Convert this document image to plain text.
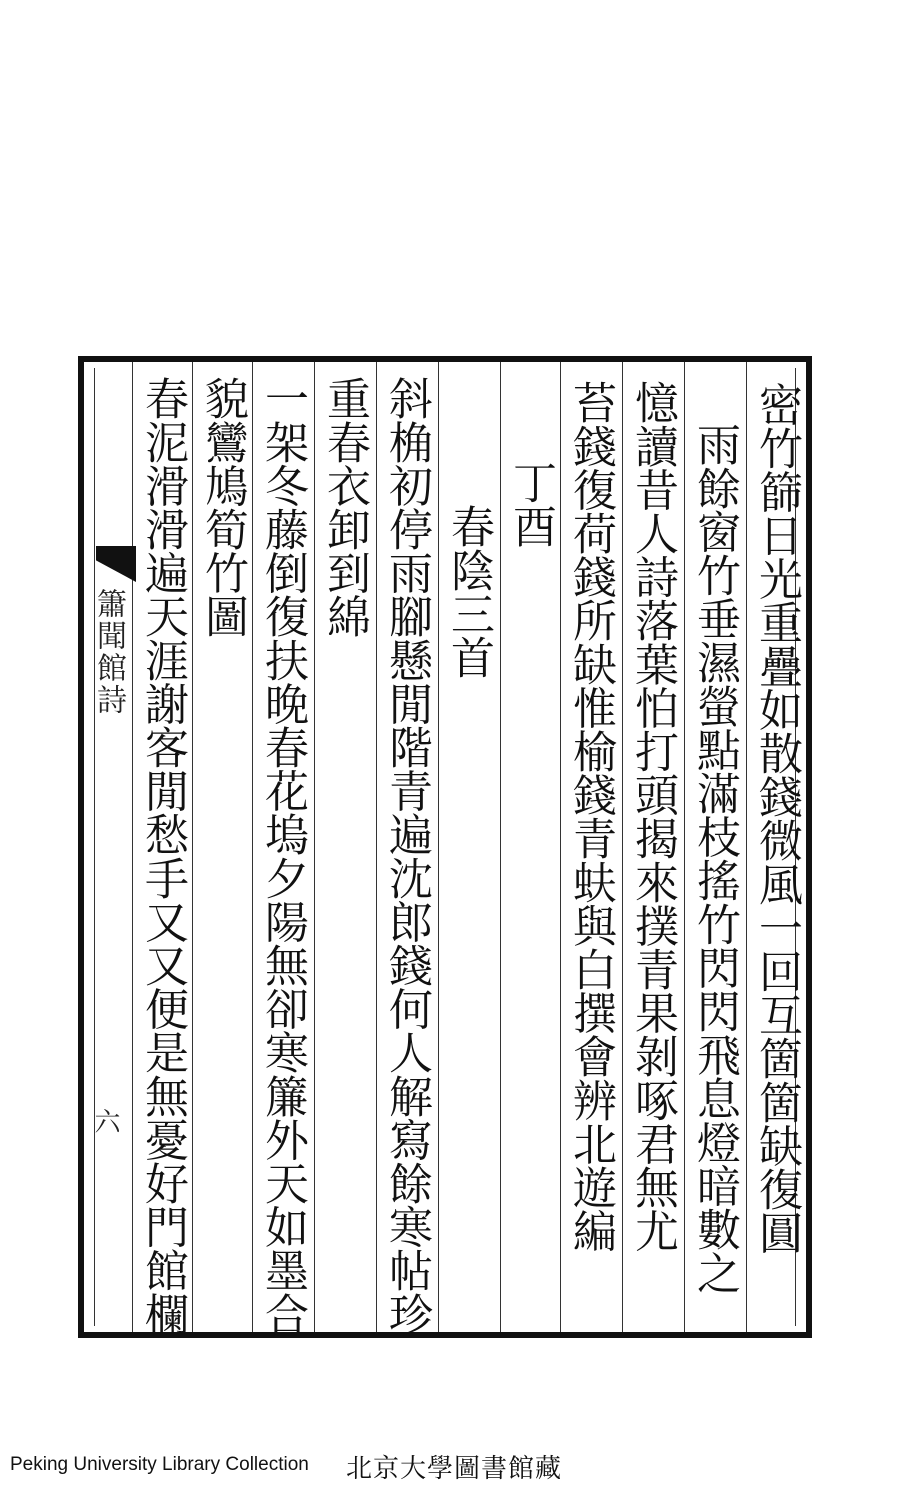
簫聞館詩
六	密竹篩日光重疊如散錢微風一回互箇箇缺復圓
雨餘窗竹垂濕螢點滿枝搖竹閃閃飛息燈暗數之
憶讀昔人詩落葉怕打頭揭來撲青果剝啄君無尤
苔錢復荷錢所缺惟榆錢青蚨與白撰會辨北遊編
丁酉
春陰三首
斜桷初停雨腳懸閒階青遍沈郎錢何人解寫餘寒帖珍
重春衣卸到綿
一架冬藤倒復扶晚春花塢夕陽無卻寒簾外天如墨合
貌鸞鳩筍竹圖
春泥滑滑遍天涯謝客閒愁手又又便是無憂好門館欄
Peking University Library Collection 北京大學圖書館藏
